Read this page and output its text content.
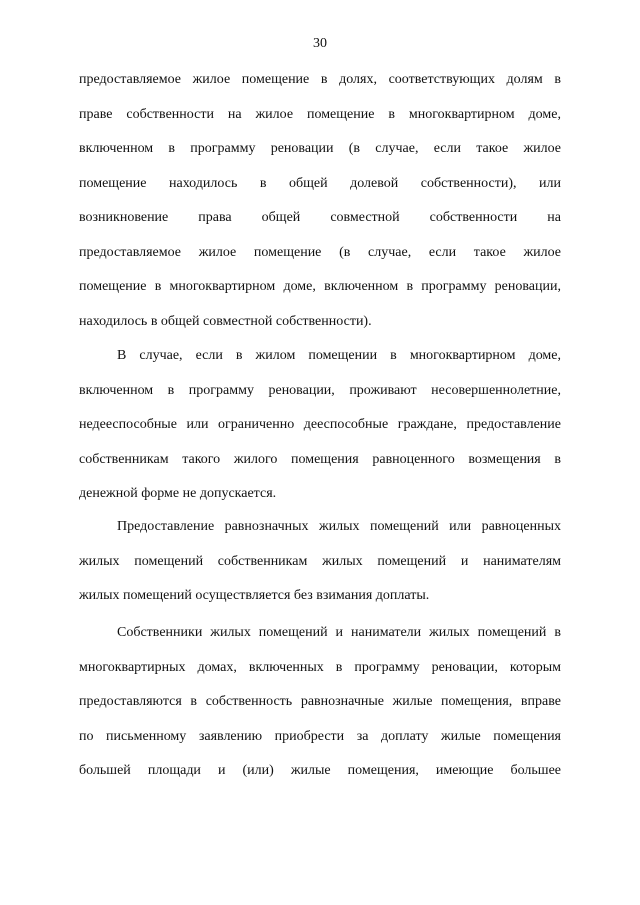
30
предоставляемое жилое помещение в долях, соответствующих долям в
праве собственности на жилое помещение в многоквартирном доме,
включенном в программу реновации (в случае, если такое жилое
помещение находилось в общей долевой собственности), или
возникновение права общей совместной собственности на
предоставляемое жилое помещение (в случае, если такое жилое
помещение в многоквартирном доме, включенном в программу реновации,
находилось в общей совместной собственности).
В случае, если в жилом помещении в многоквартирном доме,
включенном в программу реновации, проживают несовершеннолетние,
недееспособные или ограниченно дееспособные граждане, предоставление
собственникам такого жилого помещения равноценного возмещения в
денежной форме не допускается.
Предоставление равнозначных жилых помещений или равноценных
жилых помещений собственникам жилых помещений и нанимателям
жилых помещений осуществляется без взимания доплаты.
Собственники жилых помещений и наниматели жилых помещений в
многоквартирных домах, включенных в программу реновации, которым
предоставляются в собственность равнозначные жилые помещения, вправе
по письменному заявлению приобрести за доплату жилые помещения
большей площади и (или) жилые помещения, имеющие большее
